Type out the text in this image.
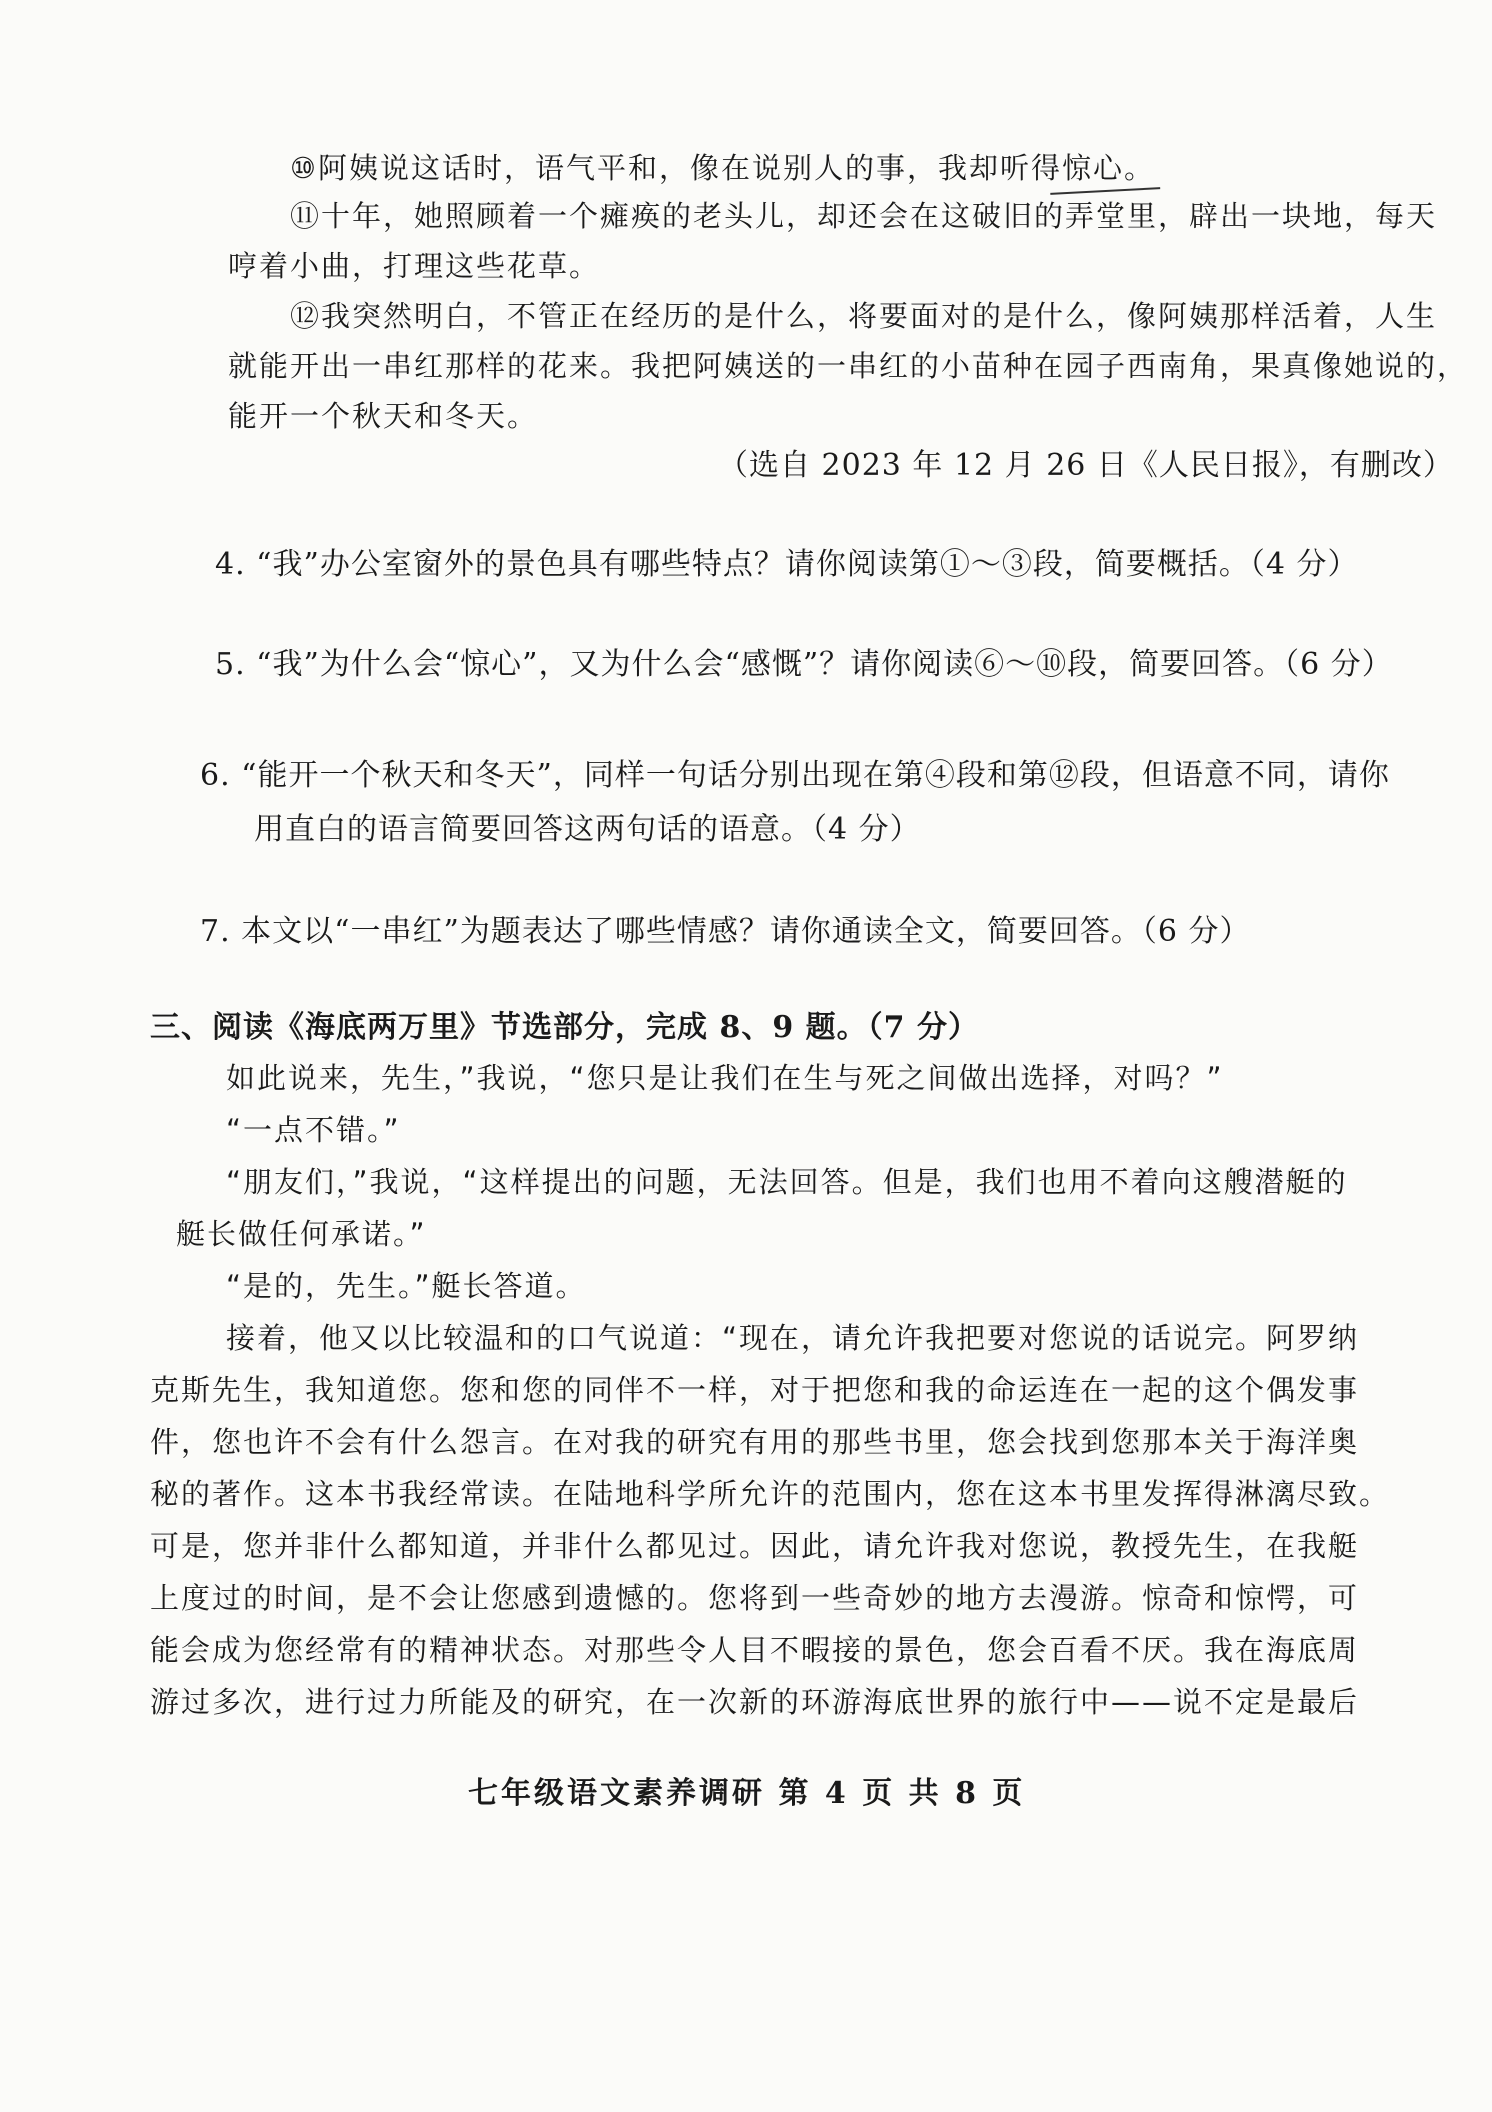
⑩阿姨说这话时，语气平和，像在说别人的事，我却听得惊心。
⑪十年，她照顾着一个瘫痪的老头儿，却还会在这破旧的弄堂里，辟出一块地，每天
哼着小曲，打理这些花草。
⑫我突然明白，不管正在经历的是什么，将要面对的是什么，像阿姨那样活着，人生
就能开出一串红那样的花来。我把阿姨送的一串红的小苗种在园子西南角，果真像她说的，
能开一个秋天和冬天。
（选自 2023 年 12 月 26 日《人民日报》，有删改）
4. “我”办公室窗外的景色具有哪些特点？请你阅读第①～③段，简要概括。（4 分）
5. “我”为什么会“惊心”，又为什么会“感慨”？请你阅读⑥～⑩段，简要回答。（6 分）
6. “能开一个秋天和冬天”，同样一句话分别出现在第④段和第⑫段，但语意不同，请你
用直白的语言简要回答这两句话的语意。（4 分）
7. 本文以“一串红”为题表达了哪些情感？请你通读全文，简要回答。（6 分）
三、阅读《海底两万里》节选部分，完成 8、9 题。（7 分）
如此说来，先生，”我说，“您只是让我们在生与死之间做出选择，对吗？”
“一点不错。”
“朋友们，”我说，“这样提出的问题，无法回答。但是，我们也用不着向这艘潜艇的
艇长做任何承诺。”
“是的，先生。”艇长答道。
接着，他又以比较温和的口气说道：“现在，请允许我把要对您说的话说完。阿罗纳
克斯先生，我知道您。您和您的同伴不一样，对于把您和我的命运连在一起的这个偶发事
件，您也许不会有什么怨言。在对我的研究有用的那些书里，您会找到您那本关于海洋奥
秘的著作。这本书我经常读。在陆地科学所允许的范围内，您在这本书里发挥得淋漓尽致。
可是，您并非什么都知道，并非什么都见过。因此，请允许我对您说，教授先生，在我艇
上度过的时间，是不会让您感到遗憾的。您将到一些奇妙的地方去漫游。惊奇和惊愕，可
能会成为您经常有的精神状态。对那些令人目不暇接的景色，您会百看不厌。我在海底周
游过多次，进行过力所能及的研究，在一次新的环游海底世界的旅行中——说不定是最后
七年级语文素养调研 第 4 页 共 8 页
